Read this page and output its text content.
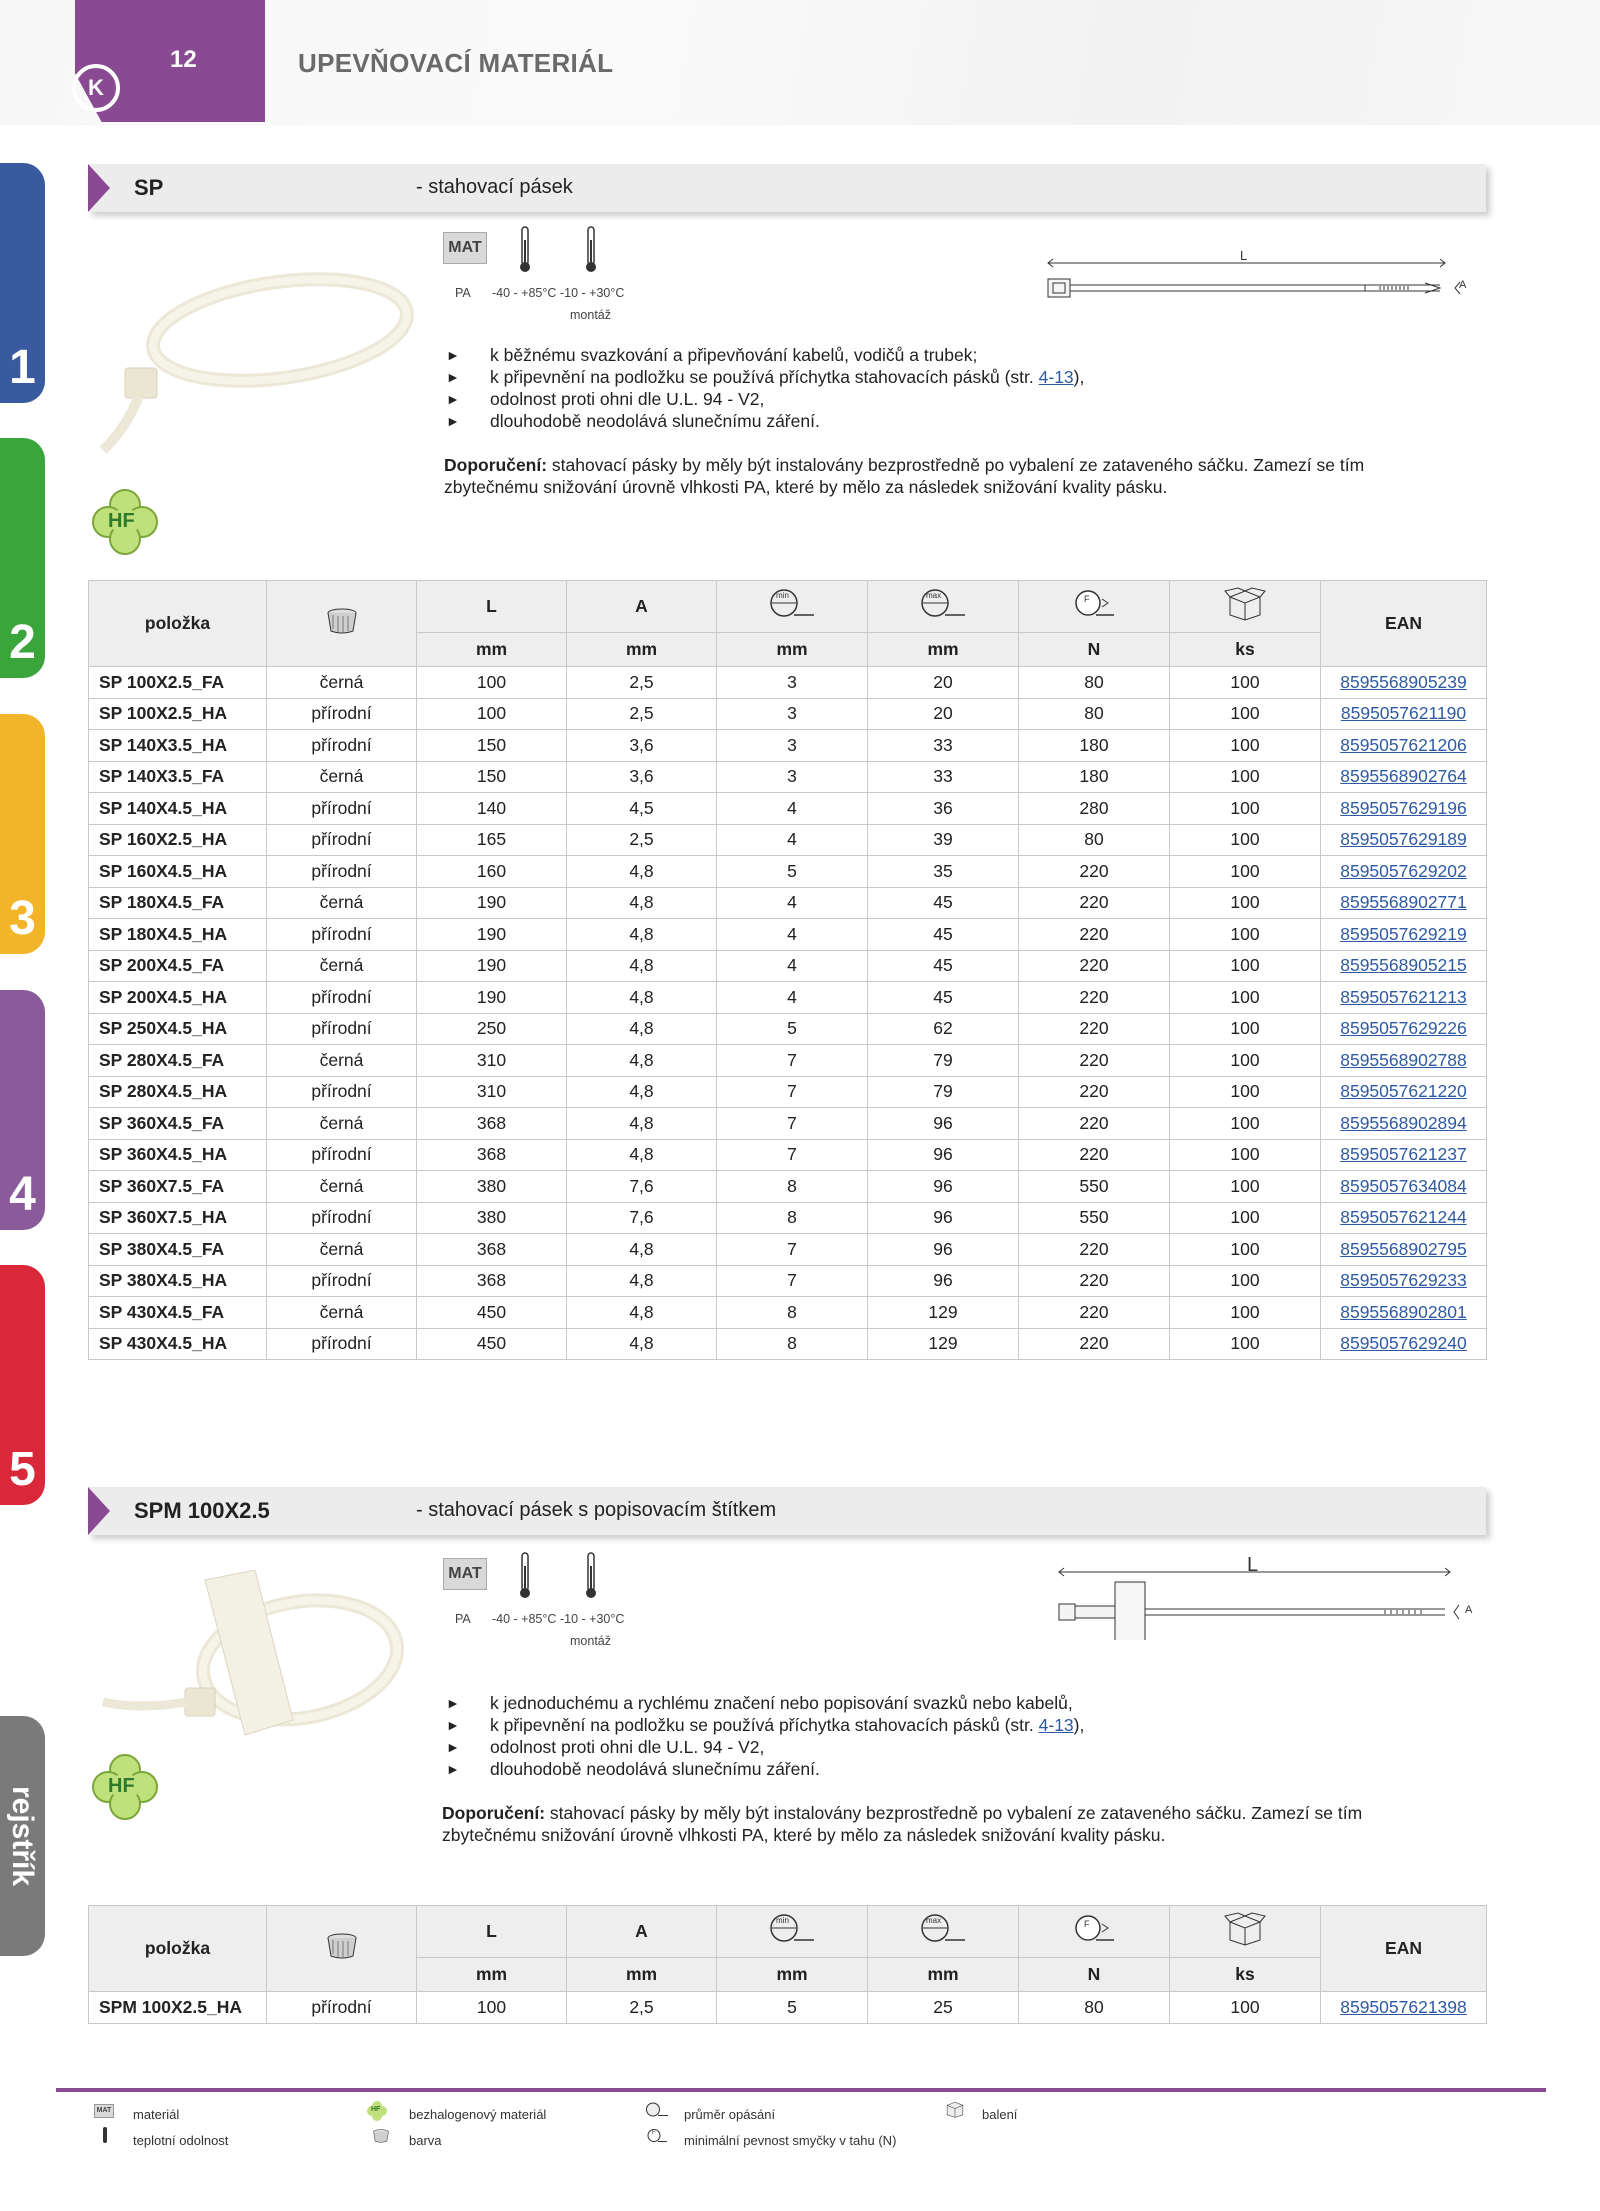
K
12	UPEVŇOVACÍ MATERIÁL
1
2
3
4
5
rejstřík
SP	- stahovací pásek
MAT
PA -40 - +85°C -10 - +30°C
montáž
L
A
► k běžnému svazkování a připevňování kabelů, vodičů a trubek;
► k připevnění na podložku se používá příchytka stahovacích pásků (str. 4-13),
► odolnost proti ohni dle U.L. 94 - V2,
► dlouhodobě neodolává slunečnímu záření.
Doporučení: stahovací pásky by měly být instalovány bezprostředně po vybalení ze zataveného sáčku. Zamezí se tím zbytečnému snižování úrovně vlhkosti PA, které by mělo za následek snižování kvality pásku.
HF
položka		L	A	min	max	F		EAN
		mm	mm	mm	mm	N	ks	
SP 100X2.5_FA	černá	100	2,5	3	20	80	100	8595568905239
SP 100X2.5_HA	přírodní	100	2,5	3	20	80	100	8595057621190
SP 140X3.5_HA	přírodní	150	3,6	3	33	180	100	8595057621206
SP 140X3.5_FA	černá	150	3,6	3	33	180	100	8595568902764
SP 140X4.5_HA	přírodní	140	4,5	4	36	280	100	8595057629196
SP 160X2.5_HA	přírodní	165	2,5	4	39	80	100	8595057629189
SP 160X4.5_HA	přírodní	160	4,8	5	35	220	100	8595057629202
SP 180X4.5_FA	černá	190	4,8	4	45	220	100	8595568902771
SP 180X4.5_HA	přírodní	190	4,8	4	45	220	100	8595057629219
SP 200X4.5_FA	černá	190	4,8	4	45	220	100	8595568905215
SP 200X4.5_HA	přírodní	190	4,8	4	45	220	100	8595057621213
SP 250X4.5_HA	přírodní	250	4,8	5	62	220	100	8595057629226
SP 280X4.5_FA	černá	310	4,8	7	79	220	100	8595568902788
SP 280X4.5_HA	přírodní	310	4,8	7	79	220	100	8595057621220
SP 360X4.5_FA	černá	368	4,8	7	96	220	100	8595568902894
SP 360X4.5_HA	přírodní	368	4,8	7	96	220	100	8595057621237
SP 360X7.5_FA	černá	380	7,6	8	96	550	100	8595057634084
SP 360X7.5_HA	přírodní	380	7,6	8	96	550	100	8595057621244
SP 380X4.5_FA	černá	368	4,8	7	96	220	100	8595568902795
SP 380X4.5_HA	přírodní	368	4,8	7	96	220	100	8595057629233
SP 430X4.5_FA	černá	450	4,8	8	129	220	100	8595568902801
SP 430X4.5_HA	přírodní	450	4,8	8	129	220	100	8595057629240
SPM 100X2.5	- stahovací pásek s popisovacím štítkem
MAT
PA -40 - +85°C -10 - +30°C
montáž
L
A
► k jednoduchému a rychlému značení nebo popisování svazků nebo kabelů,
► k připevnění na podložku se používá příchytka stahovacích pásků (str. 4-13),
► odolnost proti ohni dle U.L. 94 - V2,
► dlouhodobě neodolává slunečnímu záření.
Doporučení: stahovací pásky by měly být instalovány bezprostředně po vybalení ze zataveného sáčku. Zamezí se tím zbytečnému snižování úrovně vlhkosti PA, které by mělo za následek snižování kvality pásku.
HF
položka		L	A	min	max	F		EAN
		mm	mm	mm	mm	N	ks	
SPM 100X2.5_HA	přírodní	100	2,5	5	25	80	100	8595057621398
MAT materiál
teplotní odolnost
HF bezhalogenový materiál
barva
průměr opásání
F minimální pevnost smyčky v tahu (N)
balení
